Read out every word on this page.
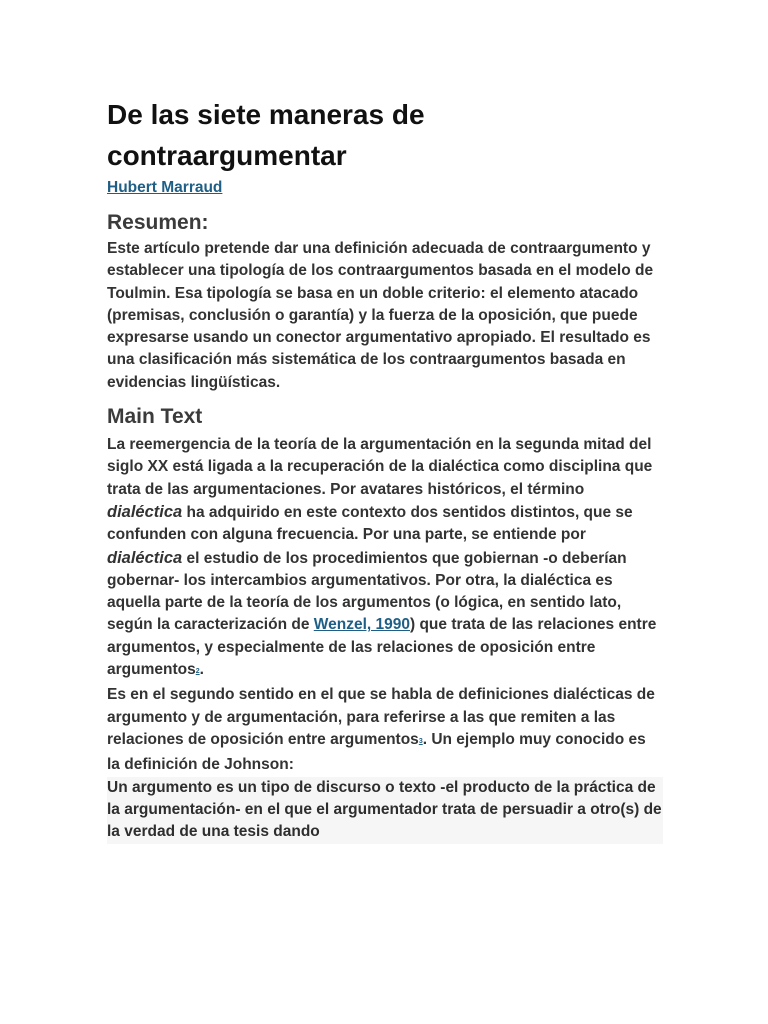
De las siete maneras de
contraargumentar
Hubert Marraud
Resumen:

Este artículo pretende dar una definición adecuada de contraargumento y establecer una tipología de los contraargumentos basada en el modelo de Toulmin. Esa tipología se basa en un doble criterio: el elemento atacado (premisas, conclusión o garantía) y la fuerza de la oposición, que puede expresarse usando un conector argumentativo apropiado. El resultado es una clasificación más sistemática de los contraargumentos basada en evidencias lingüísticas.

Main Text

La reemergencia de la teoría de la argumentación en la segunda mitad del siglo XX está ligada a la recuperación de la dialéctica como disciplina que trata de las argumentaciones. Por avatares históricos, el término dialéctica ha adquirido en este contexto dos sentidos distintos, que se confunden con alguna frecuencia. Por una parte, se entiende por dialéctica el estudio de los procedimientos que gobiernan -o deberían gobernar- los intercambios argumentativos. Por otra, la dialéctica es aquella parte de la teoría de los argumentos (o lógica, en sentido lato, según la caracterización de Wenzel, 1990) que trata de las relaciones entre argumentos, y especialmente de las relaciones de oposición entre argumentos2.

Es en el segundo sentido en el que se habla de definiciones dialécticas de argumento y de argumentación, para referirse a las que remiten a las relaciones de oposición entre argumentos3. Un ejemplo muy conocido es la definición de Johnson:

Un argumento es un tipo de discurso o texto -el producto de la práctica de la argumentación- en el que el argumentador trata de persuadir a otro(s) de la verdad de una tesis dando
